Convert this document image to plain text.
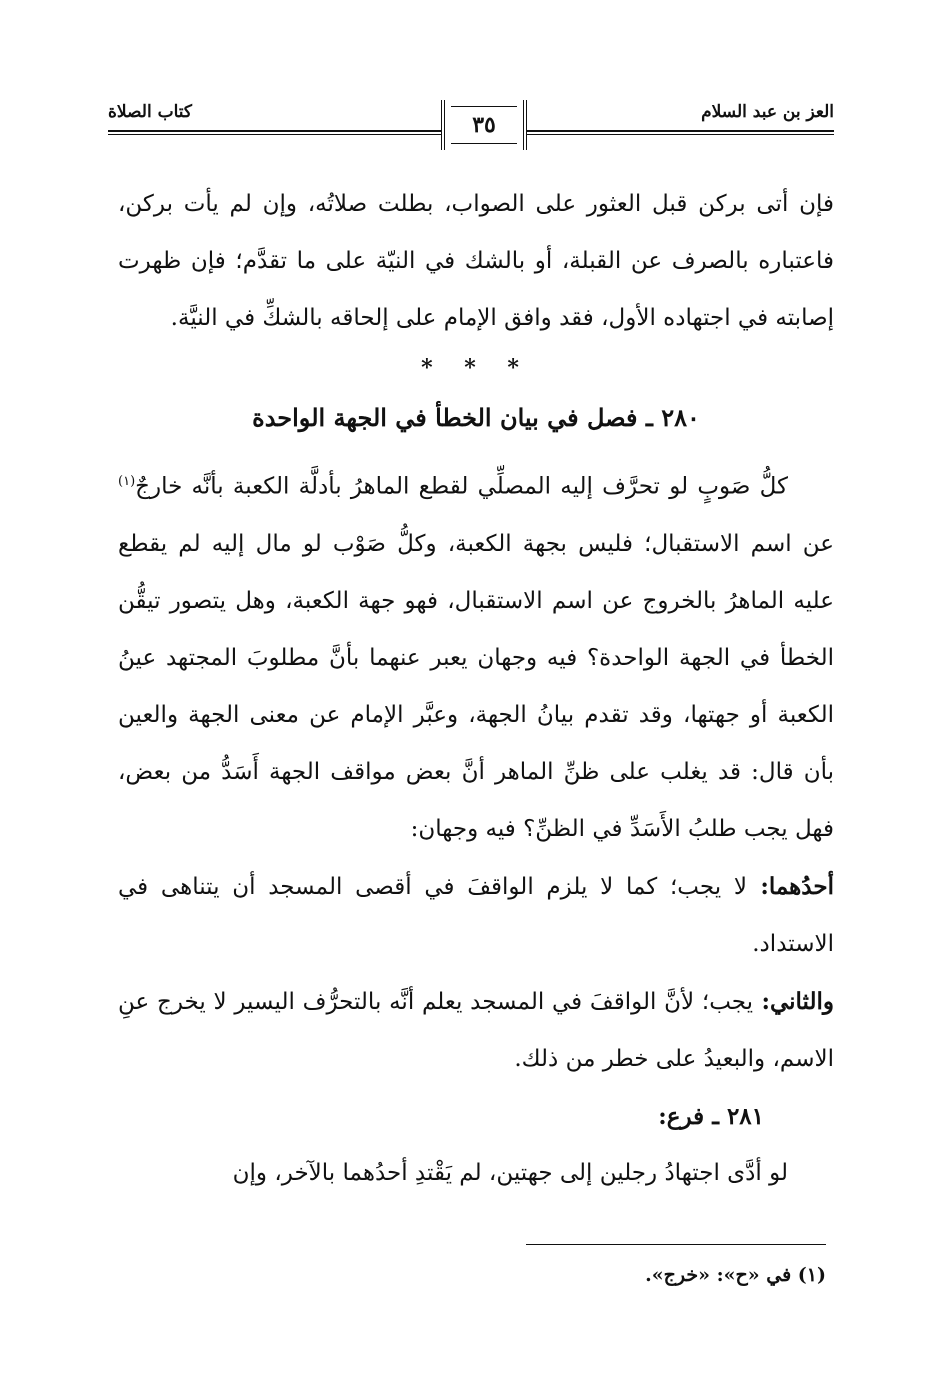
العز بن عبد السلام
كتاب الصلاة	٣٥

فإن أتى بركن قبل العثور على الصواب، بطلت صلاتُه، وإن لم يأت بركن، فاعتباره بالصرف عن القبلة، أو بالشك في النيّة على ما تقدَّم؛ فإن ظهرت إصابته في اجتهاده الأول، فقد وافق الإمام على إلحاقه بالشكِّ في النيَّة.

* * *
٢٨٠ ـ فصل في بيان الخطأ في الجهة الواحدة

كلُّ صَوبٍ لو تحرَّف إليه المصلِّي لقطع الماهرُ بأدلَّة الكعبة بأنَّه خارجٌ$^{(١)}$ عن اسم الاستقبال؛ فليس بجهة الكعبة، وكلُّ صَوْب لو مال إليه لم يقطع عليه الماهرُ بالخروج عن اسم الاستقبال، فهو جهة الكعبة، وهل يتصور تيقُّن الخطأ في الجهة الواحدة؟ فيه وجهان يعبر عنهما بأنَّ مطلوبَ المجتهد عينُ الكعبة أو جهتها، وقد تقدم بيانُ الجهة، وعبَّر الإمام عن معنى الجهة والعين بأن قال: قد يغلب على ظنِّ الماهر أنَّ بعض مواقف الجهة أَسَدُّ من بعض، فهل يجب طلبُ الأَسَدِّ في الظنِّ؟ فيه وجهان:

أحدُهما: لا يجب؛ كما لا يلزم الواقفَ في أقصى المسجد أن يتناهى في الاستداد.

والثاني: يجب؛ لأنَّ الواقفَ في المسجد يعلم أنَّه بالتحرُّف اليسير لا يخرج عنِ الاسم، والبعيدُ على خطر من ذلك.

٢٨١ ـ فرع:

لو أدَّى اجتهادُ رجلين إلى جهتين، لم يَقْتدِ أحدُهما بالآخر، وإن

(١) في «ح»: «خرج».
